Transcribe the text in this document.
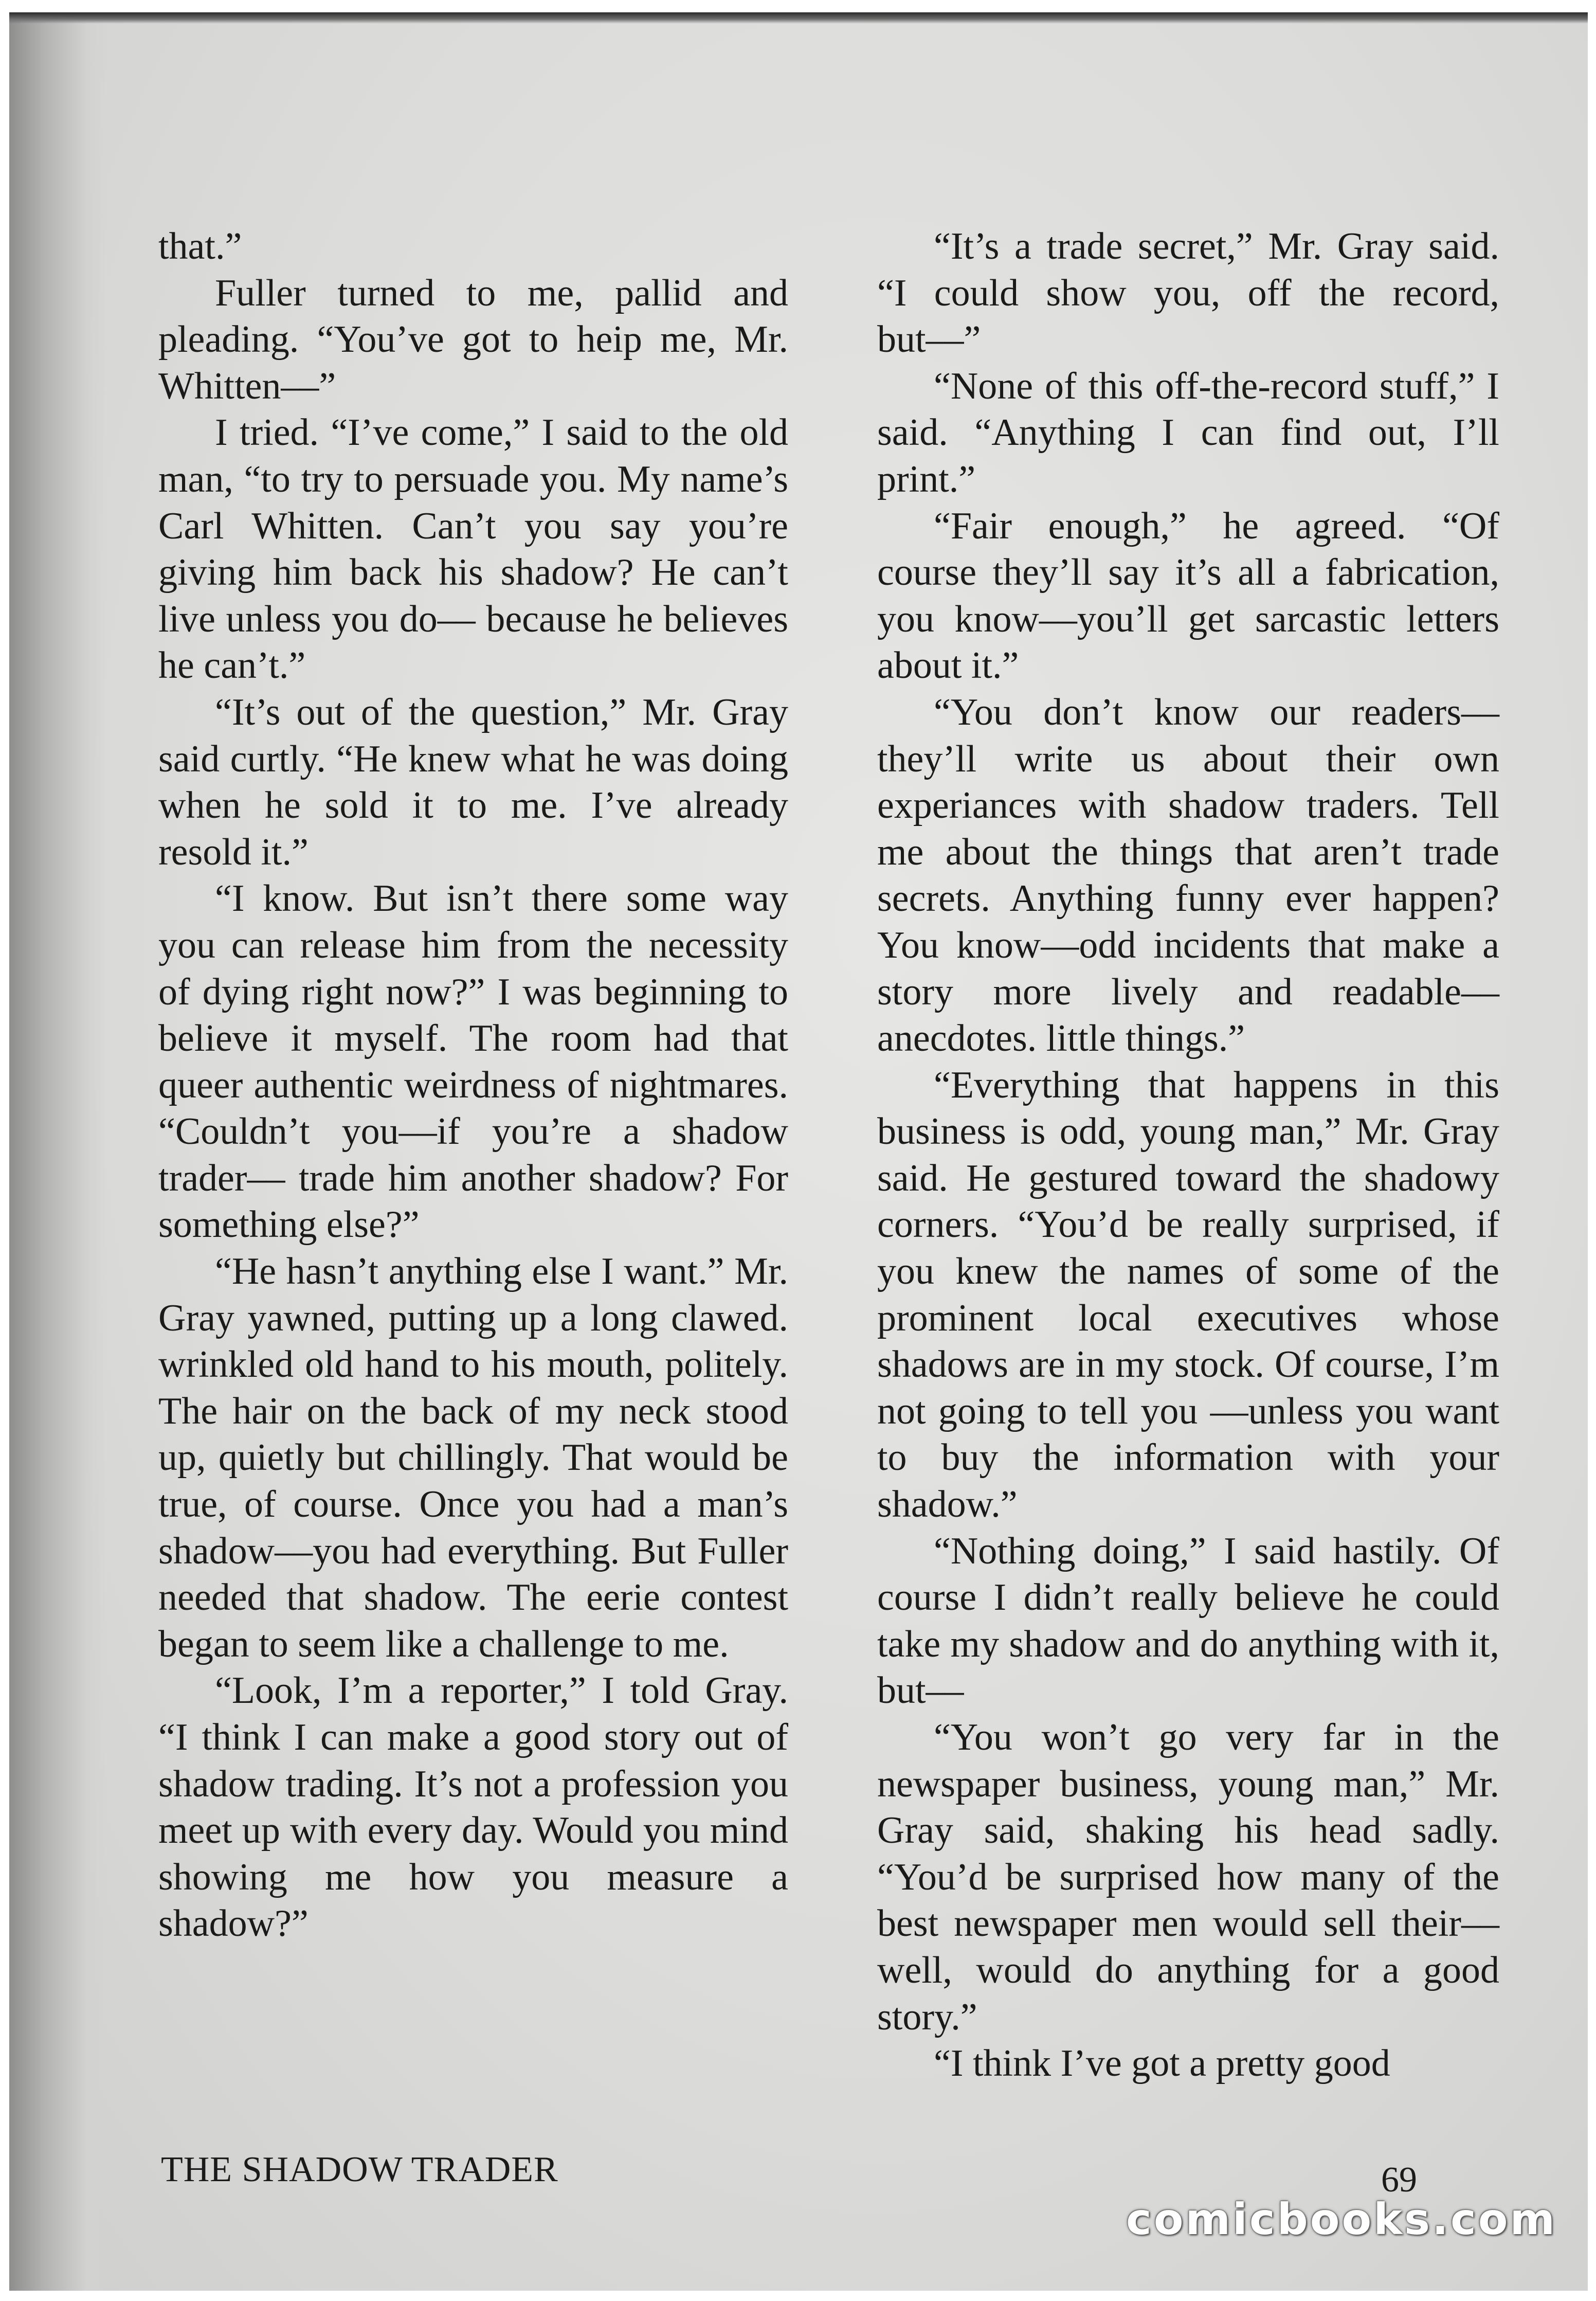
that.”

Fuller turned to me, pallid and pleading. “You’ve got to heip me, Mr. Whitten––”

I tried. “I’ve come,” I said to the old man, “to try to persuade you. My name’s Carl Whitten. Can’t you say you’re giving him back his shadow? He can’t live unless you do–– because he believes he can’t.”

“It’s out of the question,” Mr. Gray said curtly. “He knew what he was doing when he sold it to me. I’ve already resold it.”

“I know. But isn’t there some way you can release him from the necessity of dying right now?” I was beginning to believe it myself. The room had that queer authentic weirdness of nightmares. “Couldn’t you––if you’re a shadow trader–– trade him another shadow? For something else?”

“He hasn’t anything else I want.” Mr. Gray yawned, putting up a long clawed. wrinkled old hand to his mouth, politely. The hair on the back of my neck stood up, quietly but chillingly. That would be true, of course. Once you had a man’s shadow––you had everything. But Fuller needed that shadow. The eerie contest began to seem like a challenge to me.

“Look, I’m a reporter,” I told Gray. “I think I can make a good story out of shadow trading. It’s not a profession you meet up with every day. Would you mind showing me how you measure a shadow?”

“It’s a trade secret,” Mr. Gray said. “I could show you, off the record, but––”

“None of this off-the-record stuff,” I said. “Anything I can find out, I’ll print.”

“Fair enough,” he agreed. “Of course they’ll say it’s all a fabrication, you know––you’ll get sarcastic letters about it.”

“You don’t know our readers–– they’ll write us about their own experiances with shadow traders. Tell me about the things that aren’t trade secrets. Anything funny ever happen? You know––odd incidents that make a story more lively and readable––anecdotes. little things.”

“Everything that happens in this business is odd, young man,” Mr. Gray said. He gestured toward the shadowy corners. “You’d be really surprised, if you knew the names of some of the prominent local executives whose shadows are in my stock. Of course, I’m not going to tell you ––unless you want to buy the information with your shadow.”

“Nothing doing,” I said hastily. Of course I didn’t really believe he could take my shadow and do anything with it, but––

“You won’t go very far in the newspaper business, young man,” Mr. Gray said, shaking his head sadly. “You’d be surprised how many of the best newspaper men would sell their––well, would do anything for a good story.”

“I think I’ve got a pretty good

THE SHADOW TRADER	69
comicbooks.com
